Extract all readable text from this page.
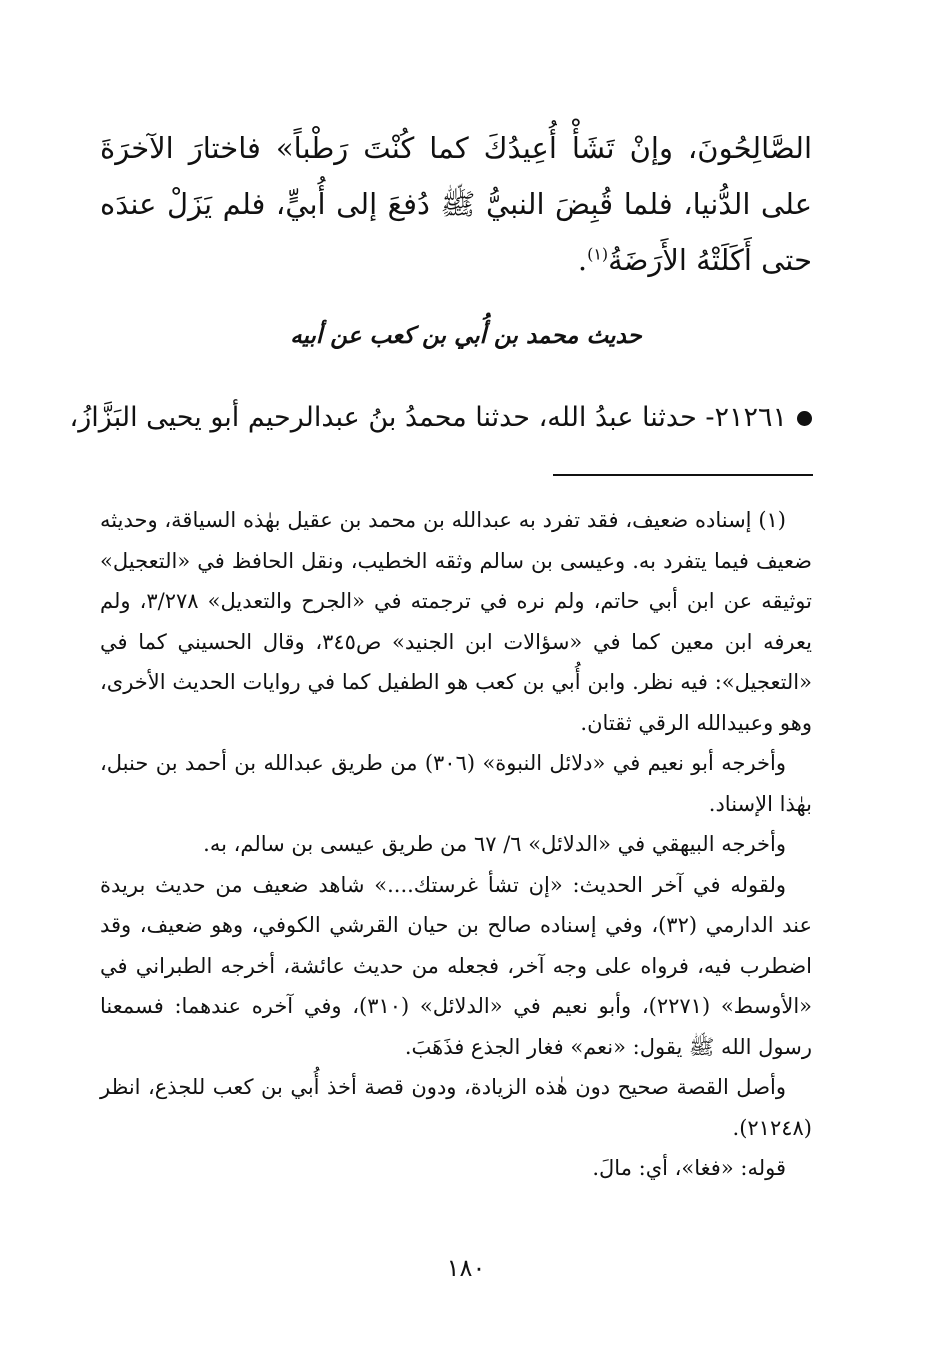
الصَّالِحُونَ، وإنْ تَشَأْ أُعِيدُكَ كما كُنْتَ رَطْباً» فاختارَ الآخرَةَ على الدُّنيا، فلما قُبِضَ النبيُّ ﷺ دُفعَ إلى أُبيٍّ، فلم يَزَلْ عندَه حتى أَكَلَتْهُ الأَرَضَةُ$^{(١)}$.

حديث محمد بن أُبي بن كعب عن أبيه

٢١٢٦١- حدثنا عبدُ الله، حدثنا محمدُ بنُ عبدالرحيم أبو يحيى البَزَّازُ،

(١) إسناده ضعيف، فقد تفرد به عبدالله بن محمد بن عقيل بهٰذه السياقة، وحديثه ضعيف فيما يتفرد به. وعيسى بن سالم وثقه الخطيب، ونقل الحافظ في «التعجيل» توثيقه عن ابن أبي حاتم، ولم نره في ترجمته في «الجرح والتعديل» ٣/٢٧٨، ولم يعرفه ابن معين كما في «سؤالات ابن الجنيد» ص٣٤٥، وقال الحسيني كما في «التعجيل»: فيه نظر. وابن أُبي بن كعب هو الطفيل كما في روايات الحديث الأخرى، وهو وعبيدالله الرقي ثقتان.

وأخرجه أبو نعيم في «دلائل النبوة» (٣٠٦) من طريق عبدالله بن أحمد بن حنبل، بهٰذا الإسناد.

وأخرجه البيهقي في «الدلائل» ٦/ ٦٧ من طريق عيسى بن سالم، به.

ولقوله في آخر الحديث: «إن تشأ غرستك....» شاهد ضعيف من حديث بريدة عند الدارمي (٣٢)، وفي إسناده صالح بن حيان القرشي الكوفي، وهو ضعيف، وقد اضطرب فيه، فرواه على وجه آخر، فجعله من حديث عائشة، أخرجه الطبراني في «الأوسط» (٢٢٧١)، وأبو نعيم في «الدلائل» (٣١٠)، وفي آخره عندهما: فسمعنا رسول الله ﷺ يقول: «نعم» فغار الجذع فذَهَبَ.

وأصل القصة صحيح دون هٰذه الزيادة، ودون قصة أخذ أُبي بن كعب للجذع، انظر (٢١٢٤٨).

قوله: «فغا»، أي: مالَ.

١٨٠
